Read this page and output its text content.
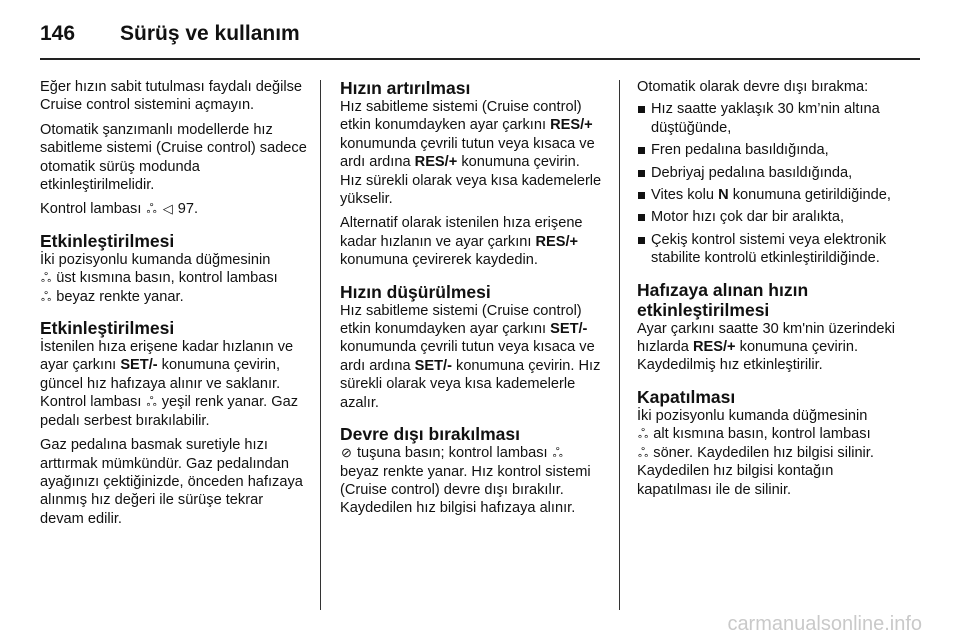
146	Sürüş ve kullanım

Eğer hızın sabit tutulması faydalı değilse Cruise control sistemini açmayın.

Otomatik şanzımanlı modellerde hız sabitleme sistemi (Cruise control) sadece otomatik sürüş modunda etkinleştirilmelidir.

Kontrol lambası ஃ ◁ 97.

Etkinleştirilmesi

İki pozisyonlu kumanda düğmesinin
ஃ üst kısmına basın, kontrol lambası
ஃ beyaz renkte yanar.

Etkinleştirilmesi

İstenilen hıza erişene kadar hızlanın ve ayar çarkını SET/- konumuna çevirin, güncel hız hafızaya alınır ve saklanır. Kontrol lambası ஃ yeşil renk yanar. Gaz pedalı serbest bırakılabilir.

Gaz pedalına basmak suretiyle hızı arttırmak mümkündür. Gaz pedalından ayağınızı çektiğinizde, önceden hafızaya alınmış hız değeri ile sürüşe tekrar devam edilir.

Hızın artırılması

Hız sabitleme sistemi (Cruise control) etkin konumdayken ayar çarkını RES/+ konumunda çevrili tutun veya kısaca ve ardı ardına RES/+ konumuna çevirin. Hız sürekli olarak veya kısa kademelerle yükselir.

Alternatif olarak istenilen hıza erişene kadar hızlanın ve ayar çarkını RES/+ konumuna çevirerek kaydedin.

Hızın düşürülmesi

Hız sabitleme sistemi (Cruise control) etkin konumdayken ayar çarkını SET/- konumunda çevrili tutun veya kısaca ve ardı ardına SET/- konumuna çevirin. Hız sürekli olarak veya kısa kademelerle azalır.

Devre dışı bırakılması

⊘ tuşuna basın; kontrol lambası ஃ beyaz renkte yanar. Hız kontrol sistemi (Cruise control) devre dışı bırakılır. Kaydedilen hız bilgisi hafızaya alınır.

Otomatik olarak devre dışı bırakma:

Hız saatte yaklaşık 30 km’nin altına düştüğünde,
Fren pedalına basıldığında,
Debriyaj pedalına basıldığında,
Vites kolu N konumuna getirildiğinde,
Motor hızı çok dar bir aralıkta,
Çekiş kontrol sistemi veya elektronik stabilite kontrolü etkinleştirildiğinde.
Hafızaya alınan hızın
etkinleştirilmesi

Ayar çarkını saatte 30 km'nin üzerindeki hızlarda RES/+ konumuna çevirin. Kaydedilmiş hız etkinleştirilir.

Kapatılması

İki pozisyonlu kumanda düğmesinin
ஃ alt kısmına basın, kontrol lambası
ஃ söner. Kaydedilen hız bilgisi silinir. Kaydedilen hız bilgisi kontağın kapatılması ile de silinir.

carmanualsonline.info
